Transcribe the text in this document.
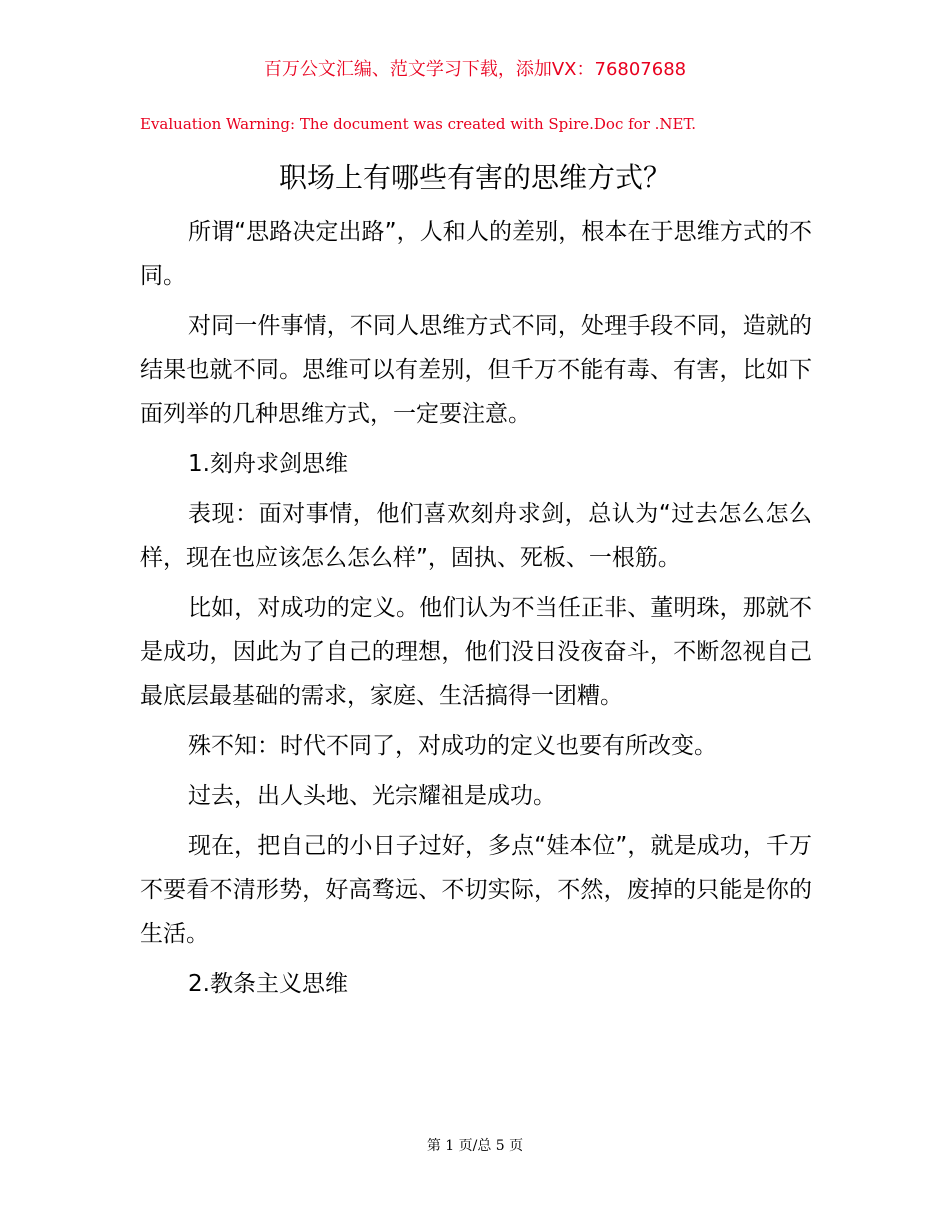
百万公文汇编、范文学习下载，添加VX：76807688
Evaluation Warning: The document was created with Spire.Doc for .NET.
职场上有哪些有害的思维方式？

所谓“思路决定出路”，人和人的差别，根本在于思维方式的不同。

对同一件事情，不同人思维方式不同，处理手段不同，造就的结果也就不同。思维可以有差别，但千万不能有毒、有害，比如下面列举的几种思维方式，一定要注意。

1.刻舟求剑思维

表现：面对事情，他们喜欢刻舟求剑，总认为“过去怎么怎么样，现在也应该怎么怎么样”，固执、死板、一根筋。

比如，对成功的定义。他们认为不当任正非、董明珠，那就不是成功，因此为了自己的理想，他们没日没夜奋斗，不断忽视自己最底层最基础的需求，家庭、生活搞得一团糟。

殊不知：时代不同了，对成功的定义也要有所改变。

过去，出人头地、光宗耀祖是成功。

现在，把自己的小日子过好，多点“娃本位”，就是成功，千万不要看不清形势，好高骛远、不切实际，不然，废掉的只能是你的生活。

2.教条主义思维

第 1 页/总 5 页
